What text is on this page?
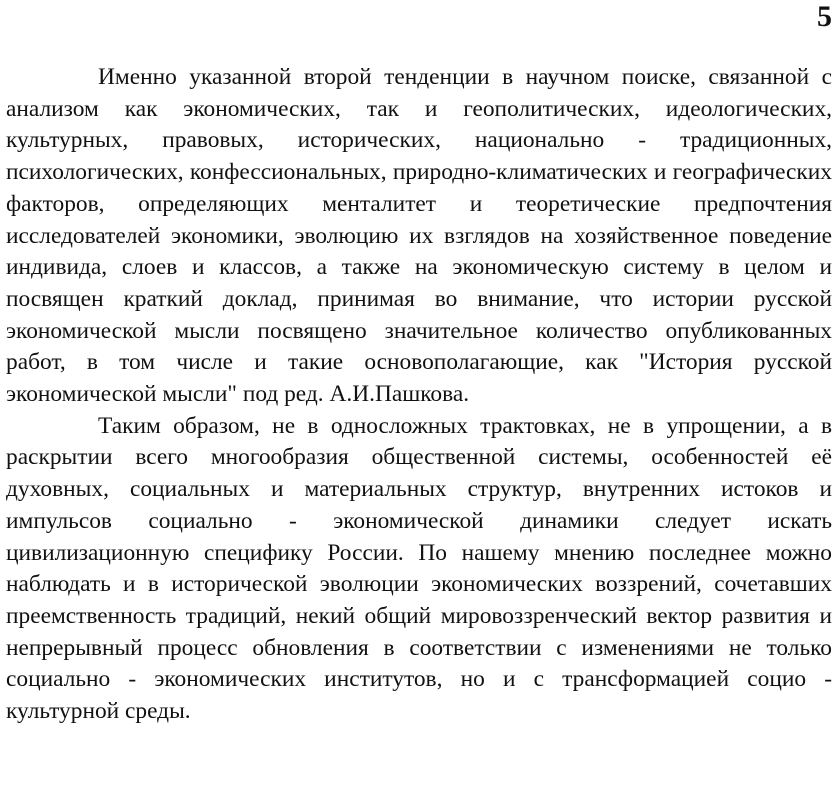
5

Именно указанной второй тенденции в научном поиске, связанной с анализом как экономических, так и геополитических, идеологических, культурных, правовых, исторических, национально - традиционных, психологических, конфессиональных, природно-климатических и географических факторов, определяющих менталитет и теоретические предпочтения исследователей экономики, эволюцию их взглядов на хозяйственное поведение индивида, слоев и классов, а также на экономическую систему в целом и посвящен краткий доклад, принимая во внимание, что истории русской экономической мысли посвящено значительное количество опубликованных работ, в том числе и такие основополагающие, как "История русской экономической мысли" под ред. А.И.Пашкова.

Таким образом, не в односложных трактовках, не в упрощении, а в раскрытии всего многообразия общественной системы, особенностей её духовных, социальных и материальных структур, внутренних истоков и импульсов социально - экономической динамики следует искать цивилизационную специфику России. По нашему мнению последнее можно наблюдать и в исторической эволюции экономических воззрений, сочетавших преемственность традиций, некий общий мировоззренческий вектор развития и непрерывный процесс обновления в соответствии с изменениями не только социально - экономических институтов, но и с трансформацией социо - культурной среды.
